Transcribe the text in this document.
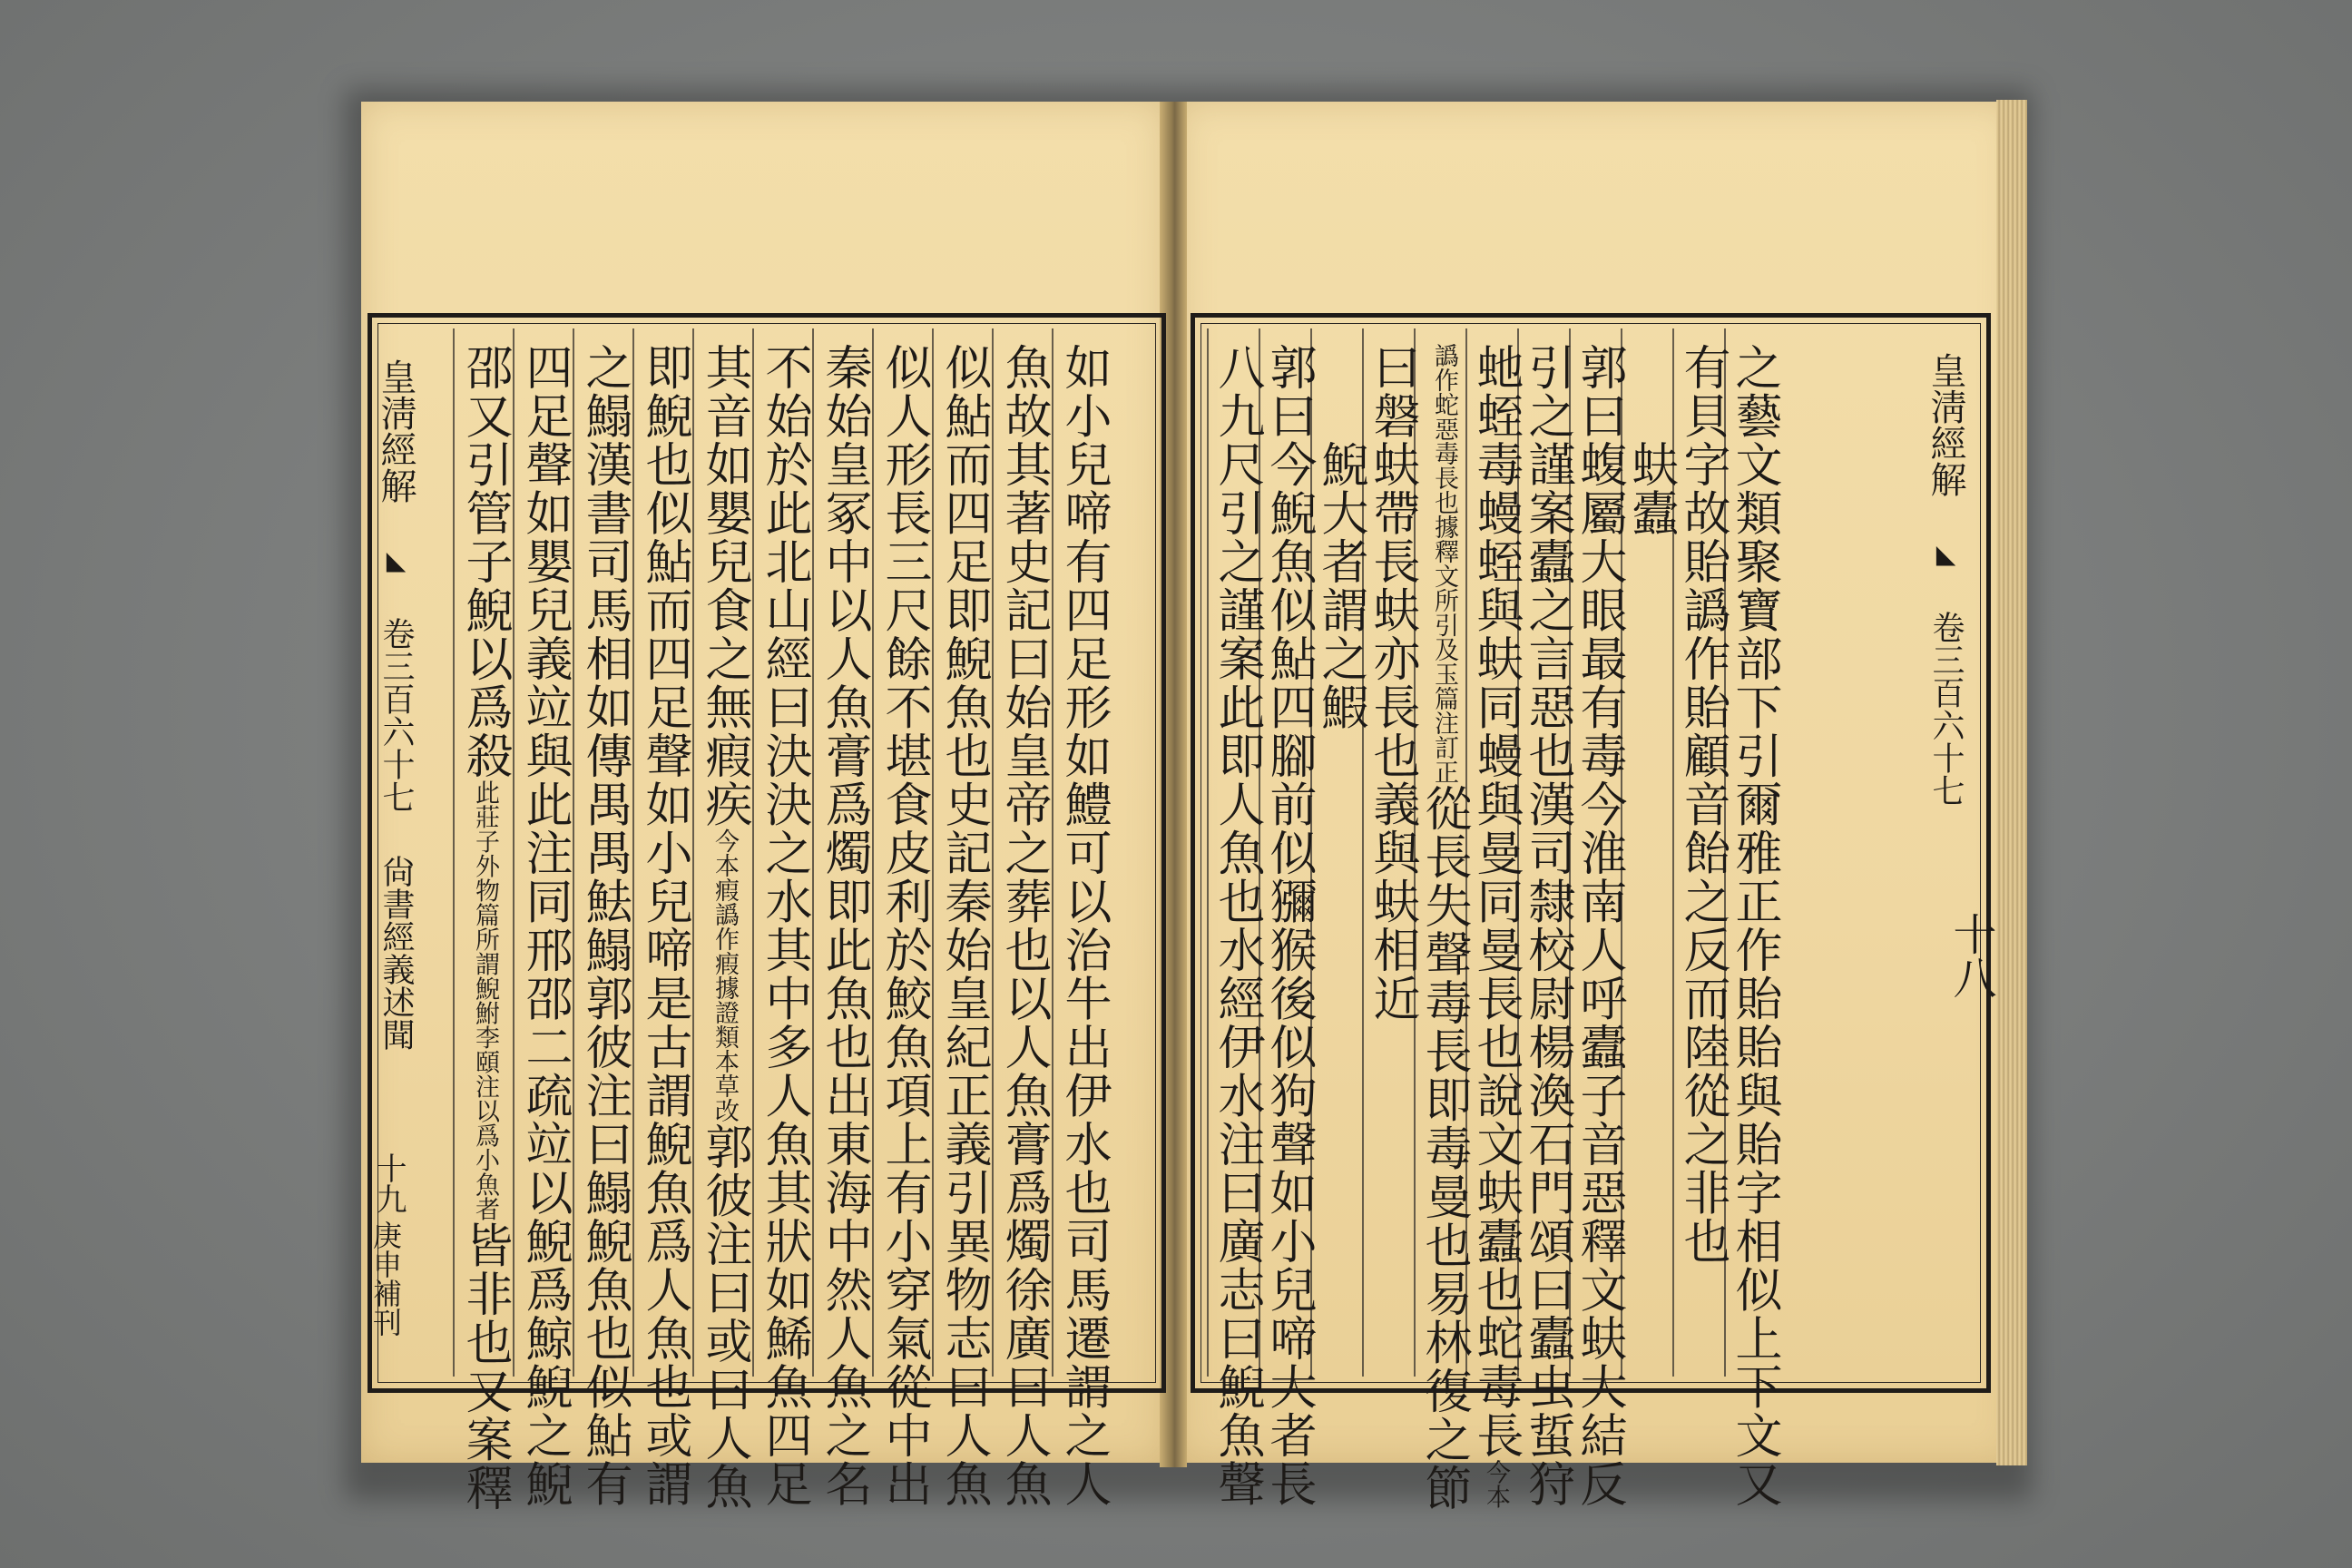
皇淸經解 ◣ 卷三百六十七 尙書經義述聞
十九
庚申補刊
皇淸經解 ◣ 卷三百六十七
十八
如小兒啼有四足形如鱧可以治牛出伊水也司馬遷謂之人
魚故其著史記曰始皇帝之葬也以人魚膏爲燭徐廣曰人魚
似鮎而四足即鯢魚也史記秦始皇紀正義引異物志曰人魚
似人形長三尺餘不堪食皮利於鮫魚項上有小穿氣從中出
秦始皇冢中以人魚膏爲燭即此魚也出東海中然人魚之名
不始於此北山經曰決決之水其中多人魚其狀如鯑魚四足
其音如嬰兒食之無瘕疾今本瘕譌作瘕據證類本草改郭彼注曰或曰人魚
即鯢也似鮎而四足聲如小兒啼是古謂鯢魚爲人魚也或謂
之鰨漢書司馬相如傳禺禺魼鰨郭彼注曰鰨鯢魚也似鮎有
四足聲如嬰兒義竝與此注同邢邵二疏竝以鯢爲鯨鯢之鯢
邵又引管子鯢以爲殺此莊子外物篇所謂鯢鮒李頤注以爲小魚者皆非也又案釋	之藝文類聚寶部下引爾雅正作貽貽與貽字相似上下文又
有貝字故貽譌作貽顧音飴之反而陸從之非也
　　蚨蠹
郭曰蝮屬大眼最有毒今淮南人呼蠹子音惡釋文蚨大結反
引之謹案蠹之言惡也漢司隸校尉楊渙石門頌曰蠹虫蜇狩
虵蛭毒蟃蛭與蚨同蟃與曼同曼長也說文蚨蠹也蛇毒長今本
譌作蛇惡毒長也據釋文所引及玉篇注訂正從長失聲毒長即毒曼也易林復之節
曰磐蚨帶長蚨亦長也義與蚨相近
　　鯢大者謂之鰕
郭曰今鯢魚似鮎四腳前似獼猴後似狗聲如小兒啼大者長
八九尺引之謹案此即人魚也水經伊水注曰廣志曰鯢魚聲
